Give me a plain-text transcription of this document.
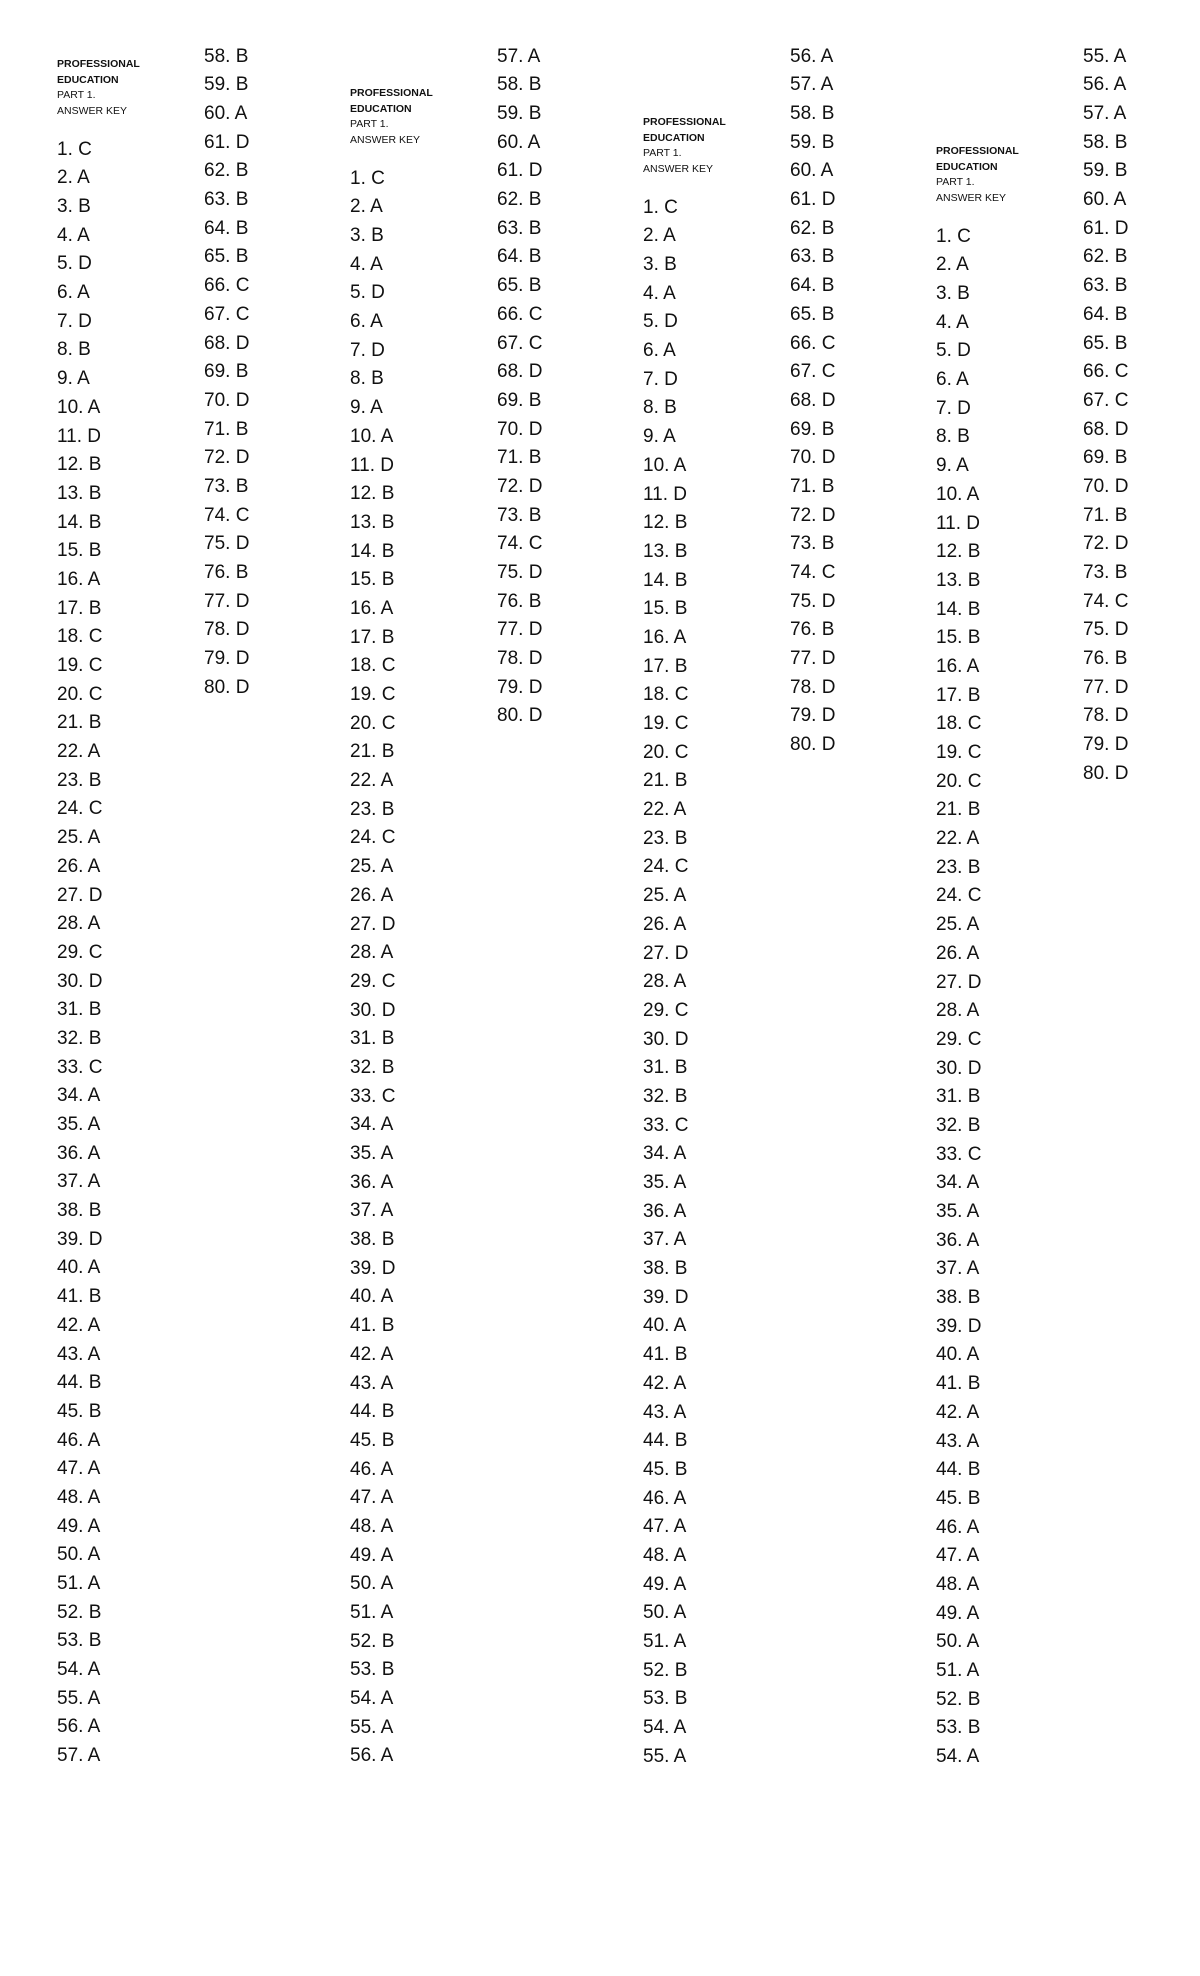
PROFESSIONAL
EDUCATION
PART 1.
ANSWER KEY
1. C
2. A
3. B
4. A
5. D
6. A
7. D
8. B
9. A
10. A
11. D
12. B
13. B
14. B
15. B
16. A
17. B
18. C
19. C
20. C
21. B
22. A
23. B
24. C
25. A
26. A
27. D
28. A
29. C
30. D
31. B
32. B
33. C
34. A
35. A
36. A
37. A
38. B
39. D
40. A
41. B
42. A
43. A
44. B
45. B
46. A
47. A
48. A
49. A
50. A
51. A
52. B
53. B
54. A
55. A
56. A
57. A
58. B
59. B
60. A
61. D
62. B
63. B
64. B
65. B
66. C
67. C
68. D
69. B
70. D
71. B
72. D
73. B
74. C
75. D
76. B
77. D
78. D
79. D
80. D
PROFESSIONAL
EDUCATION
PART 1.
ANSWER KEY
1. C
2. A
3. B
4. A
5. D
6. A
7. D
8. B
9. A
10. A
11. D
12. B
13. B
14. B
15. B
16. A
17. B
18. C
19. C
20. C
21. B
22. A
23. B
24. C
25. A
26. A
27. D
28. A
29. C
30. D
31. B
32. B
33. C
34. A
35. A
36. A
37. A
38. B
39. D
40. A
41. B
42. A
43. A
44. B
45. B
46. A
47. A
48. A
49. A
50. A
51. A
52. B
53. B
54. A
55. A
56. A
57. A
58. B
59. B
60. A
61. D
62. B
63. B
64. B
65. B
66. C
67. C
68. D
69. B
70. D
71. B
72. D
73. B
74. C
75. D
76. B
77. D
78. D
79. D
80. D
PROFESSIONAL
EDUCATION
PART 1.
ANSWER KEY
1. C
2. A
3. B
4. A
5. D
6. A
7. D
8. B
9. A
10. A
11. D
12. B
13. B
14. B
15. B
16. A
17. B
18. C
19. C
20. C
21. B
22. A
23. B
24. C
25. A
26. A
27. D
28. A
29. C
30. D
31. B
32. B
33. C
34. A
35. A
36. A
37. A
38. B
39. D
40. A
41. B
42. A
43. A
44. B
45. B
46. A
47. A
48. A
49. A
50. A
51. A
52. B
53. B
54. A
55. A
56. A
57. A
58. B
59. B
60. A
61. D
62. B
63. B
64. B
65. B
66. C
67. C
68. D
69. B
70. D
71. B
72. D
73. B
74. C
75. D
76. B
77. D
78. D
79. D
80. D
PROFESSIONAL
EDUCATION
PART 1.
ANSWER KEY
1. C
2. A
3. B
4. A
5. D
6. A
7. D
8. B
9. A
10. A
11. D
12. B
13. B
14. B
15. B
16. A
17. B
18. C
19. C
20. C
21. B
22. A
23. B
24. C
25. A
26. A
27. D
28. A
29. C
30. D
31. B
32. B
33. C
34. A
35. A
36. A
37. A
38. B
39. D
40. A
41. B
42. A
43. A
44. B
45. B
46. A
47. A
48. A
49. A
50. A
51. A
52. B
53. B
54. A
55. A
56. A
57. A
58. B
59. B
60. A
61. D
62. B
63. B
64. B
65. B
66. C
67. C
68. D
69. B
70. D
71. B
72. D
73. B
74. C
75. D
76. B
77. D
78. D
79. D
80. D
